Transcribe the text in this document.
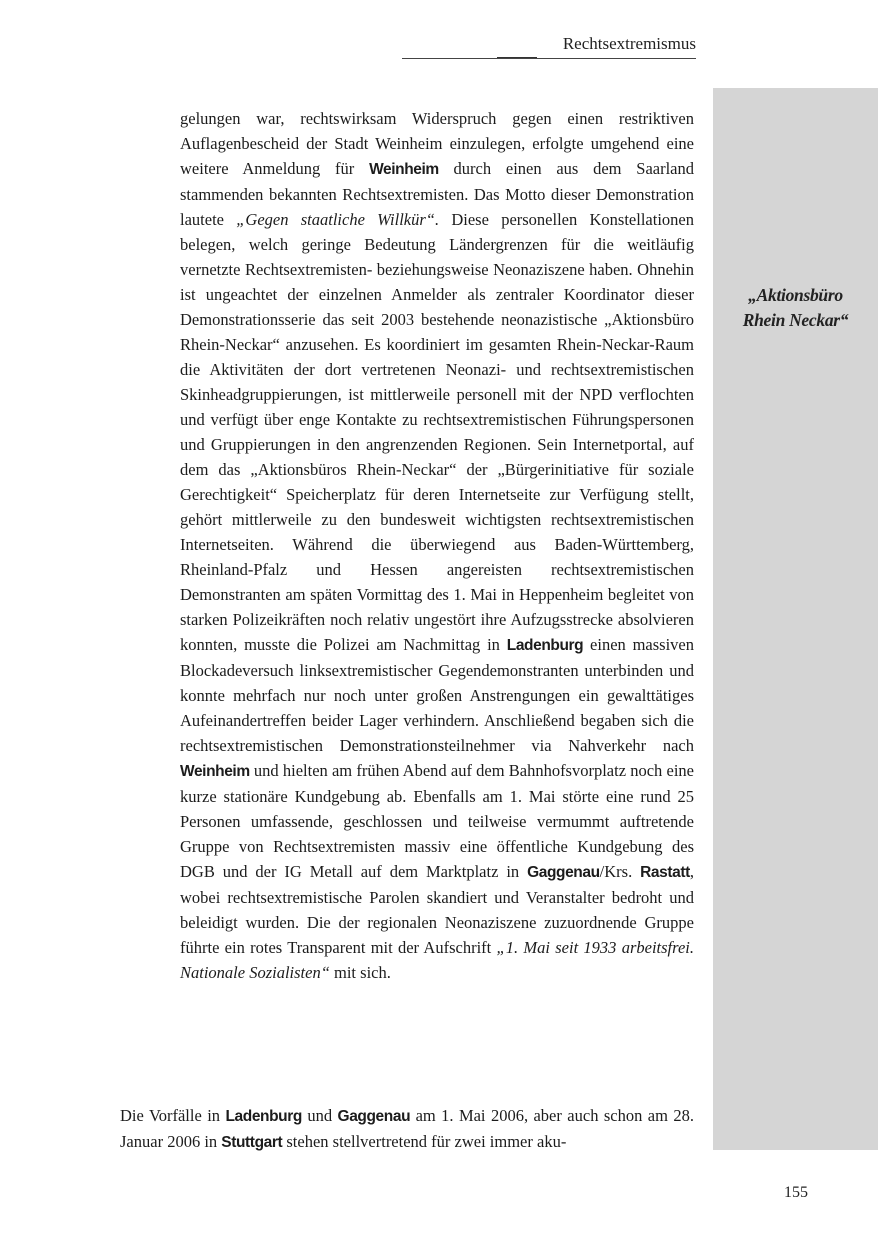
Rechtsextremismus
„Aktionsbüro
Rhein Neckar“

gelungen war, rechtswirksam Widerspruch gegen einen restriktiven Auflagenbescheid der Stadt Weinheim einzulegen, erfolgte umgehend eine weitere Anmeldung für Weinheim durch einen aus dem Saarland stammenden bekannten Rechtsextremisten. Das Motto dieser Demonstration lautete „Gegen staatliche Willkür“. Diese personellen Konstellationen belegen, welch geringe Bedeutung Ländergrenzen für die weitläufig vernetzte Rechtsextremisten- beziehungsweise Neonaziszene haben. Ohnehin ist ungeachtet der einzelnen Anmelder als zentraler Koordinator dieser Demonstrationsserie das seit 2003 bestehende neonazistische „Aktionsbüro Rhein-Neckar“ anzusehen. Es koordiniert im gesamten Rhein-Neckar-Raum die Aktivitäten der dort vertretenen Neonazi- und rechtsextremistischen Skinheadgruppierungen, ist mittlerweile personell mit der NPD verflochten und verfügt über enge Kontakte zu rechtsextremistischen Führungspersonen und Gruppierungen in den angrenzenden Regionen. Sein Internetportal, auf dem das „Aktionsbüros Rhein-Neckar“ der „Bürgerinitiative für soziale Gerechtigkeit“ Speicherplatz für deren Internetseite zur Verfügung stellt, gehört mittlerweile zu den bundesweit wichtigsten rechtsextremistischen Internetseiten. Während die überwiegend aus Baden-Württemberg, Rheinland-Pfalz und Hessen angereisten rechtsextremistischen Demonstranten am späten Vormittag des 1. Mai in Heppenheim begleitet von starken Polizeikräften noch relativ ungestört ihre Aufzugsstrecke absolvieren konnten, musste die Polizei am Nachmittag in Ladenburg einen massiven Blockadeversuch linksextremistischer Gegendemonstranten unterbinden und konnte mehrfach nur noch unter großen Anstrengungen ein gewalttätiges Aufeinandertreffen beider Lager verhindern. Anschließend begaben sich die rechtsextremistischen Demonstrationsteilnehmer via Nahverkehr nach Weinheim und hielten am frühen Abend auf dem Bahnhofsvorplatz noch eine kurze stationäre Kundgebung ab. Ebenfalls am 1. Mai störte eine rund 25 Personen umfassende, geschlossen und teilweise vermummt auftretende Gruppe von Rechtsextremisten massiv eine öffentliche Kundgebung des DGB und der IG Metall auf dem Marktplatz in Gaggenau/Krs. Rastatt, wobei rechtsextremistische Parolen skandiert und Veranstalter bedroht und beleidigt wurden. Die der regionalen Neonaziszene zuzuordnende Gruppe führte ein rotes Transparent mit der Aufschrift „1. Mai seit 1933 arbeitsfrei. Nationale Sozialisten“ mit sich.

Die Vorfälle in Ladenburg und Gaggenau am 1. Mai 2006, aber auch schon am 28. Januar 2006 in Stuttgart stehen stellvertretend für zwei immer aku-

155
